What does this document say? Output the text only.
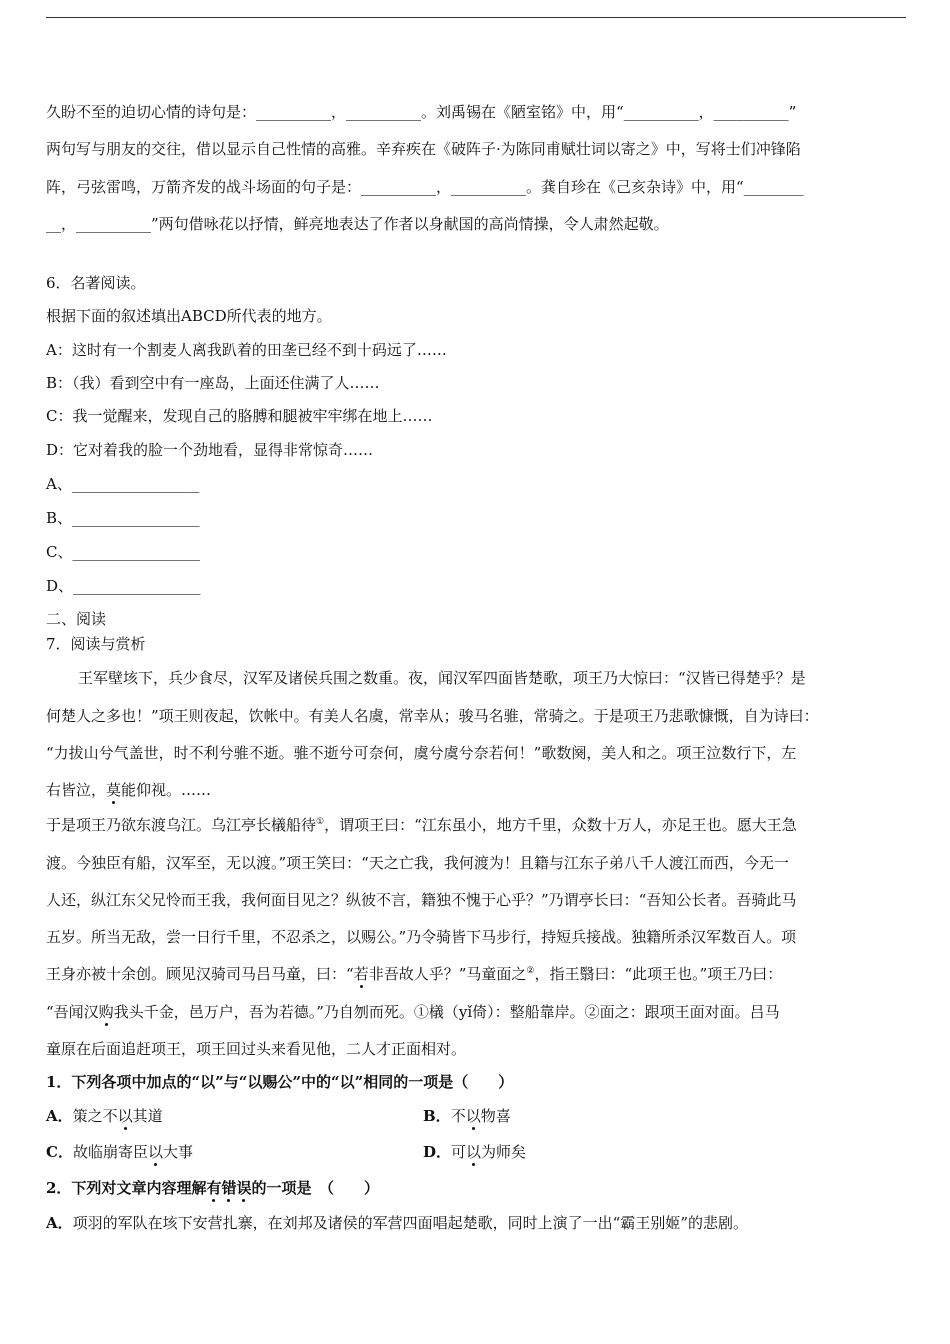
久盼不至的迫切心情的诗句是：__________，__________。刘禹锡在《陋室铭》中，用“__________，__________”
两句写与朋友的交往，借以显示自己性情的高雅。辛弃疾在《破阵子·为陈同甫赋壮词以寄之》中，写将士们冲锋陷
阵，弓弦雷鸣，万箭齐发的战斗场面的句子是：__________，__________。龚自珍在《己亥杂诗》中，用“________
__，__________”两句借咏花以抒情，鲜亮地表达了作者以身献国的高尚情操，令人肃然起敬。
6．名著阅读。
根据下面的叙述填出ABCD所代表的地方。
A：这时有一个割麦人离我趴着的田垄已经不到十码远了……
B：（我）看到空中有一座岛，上面还住满了人……
C：我一觉醒来，发现自己的胳膊和腿被牢牢绑在地上……
D：它对着我的脸一个劲地看，显得非常惊奇……
A、_________________
B、_________________
C、_________________
D、_________________
二、阅读
7．阅读与赏析
王军壁垓下，兵少食尽，汉军及诸侯兵围之数重。夜，闻汉军四面皆楚歌，项王乃大惊曰：“汉皆已得楚乎？是
何楚人之多也！”项王则夜起，饮帐中。有美人名虞，常幸从；骏马名骓，常骑之。于是项王乃悲歌慷慨，自为诗曰：
“力拔山兮气盖世，时不利兮骓不逝。骓不逝兮可奈何，虞兮虞兮奈若何！”歌数阕，美人和之。项王泣数行下，左
右皆泣，莫能仰视。……
于是项王乃欲东渡乌江。乌江亭长檥船待①，谓项王曰：“江东虽小，地方千里，众数十万人，亦足王也。愿大王急
渡。今独臣有船，汉军至，无以渡。”项王笑曰：“天之亡我，我何渡为！且籍与江东子弟八千人渡江而西，今无一
人还，纵江东父兄怜而王我，我何面目见之？纵彼不言，籍独不愧于心乎？”乃谓亭长曰：“吾知公长者。吾骑此马
五岁。所当无敌，尝一日行千里，不忍杀之，以赐公。”乃令骑皆下马步行，持短兵接战。独籍所杀汉军数百人。项
王身亦被十余创。顾见汉骑司马吕马童，曰：“若非吾故人乎？”马童面之②，指王翳曰：“此项王也。”项王乃曰：
“吾闻汉购我头千金，邑万户，吾为若德。”乃自刎而死。①檥（yǐ倚）：整船靠岸。②面之：跟项王面对面。吕马
童原在后面追赶项王，项王回过头来看见他，二人才正面相对。
1．下列各项中加点的“以”与“以赐公”中的“以”相同的一项是（　　）
A．策之不以其道	B．不以物喜
C．故临崩寄臣以大事	D．可以为师矣
2．下列对文章内容理解有错误的一项是　（　　）
A．项羽的军队在垓下安营扎寨，在刘邦及诸侯的军营四面唱起楚歌，同时上演了一出“霸王别姬”的悲剧。
